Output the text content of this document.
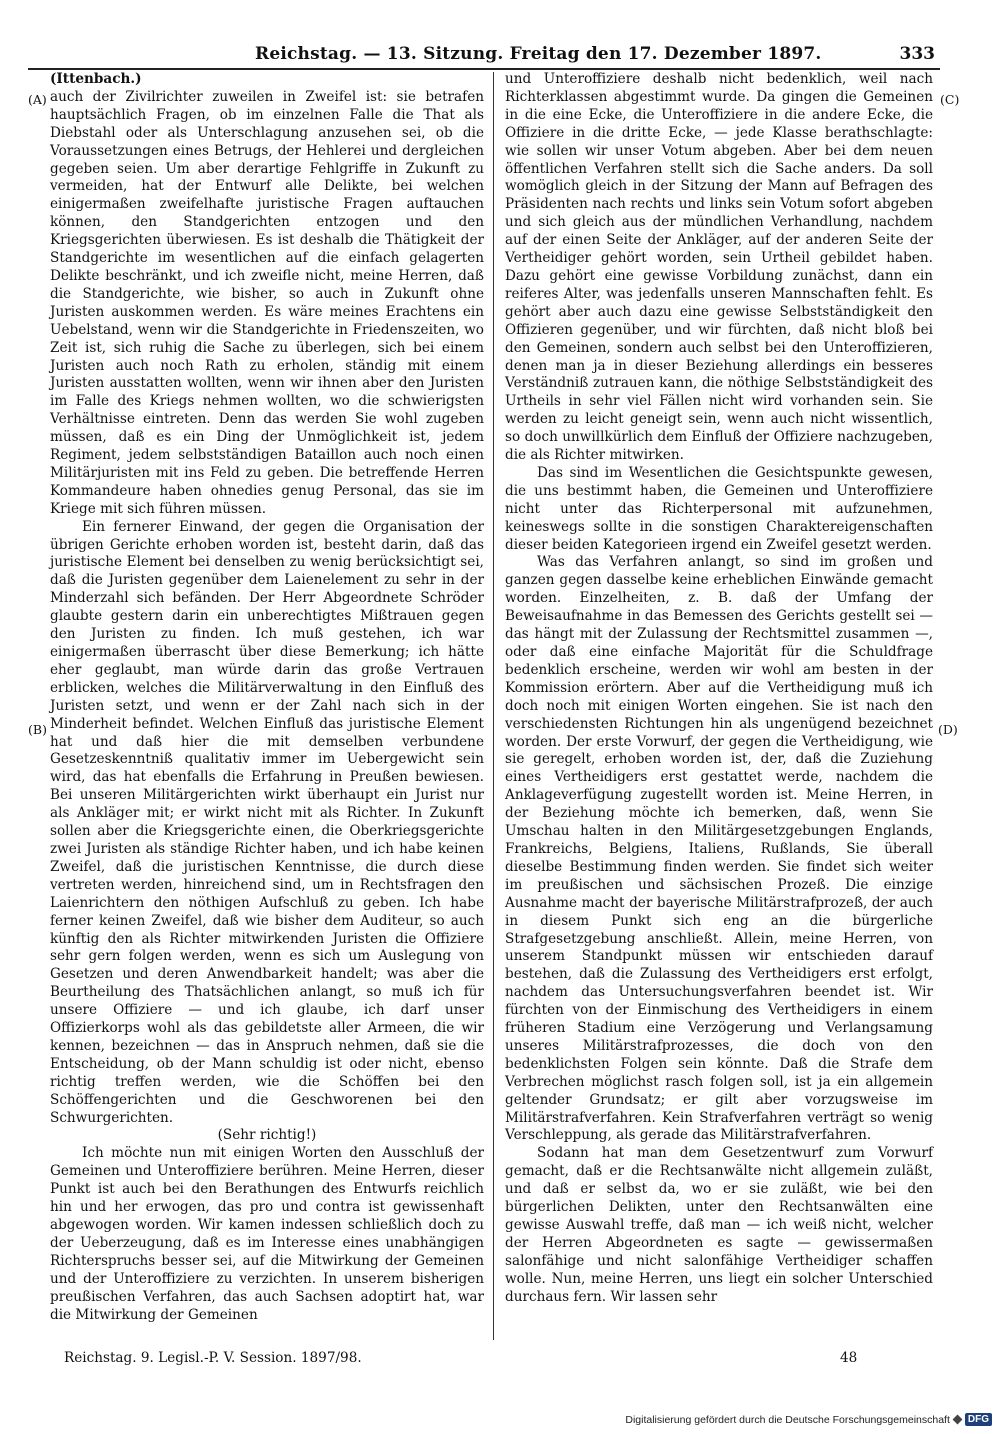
Reichstag. — 13. Sitzung. Freitag den 17. Dezember 1897.	333
(A)
(B)
(C)
(D)

(Ittenbach.)

auch der Zivilrichter zuweilen in Zweifel ist: sie betrafen hauptsächlich Fragen, ob im einzelnen Falle die That als Diebstahl oder als Unterschlagung anzusehen sei, ob die Voraussetzungen eines Betrugs, der Hehlerei und dergleichen gegeben seien. Um aber derartige Fehlgriffe in Zukunft zu vermeiden, hat der Entwurf alle Delikte, bei welchen einigermaßen zweifelhafte juristische Fragen auftauchen können, den Standgerichten entzogen und den Kriegsgerichten überwiesen. Es ist deshalb die Thätigkeit der Standgerichte im wesentlichen auf die einfach gelagerten Delikte beschränkt, und ich zweifle nicht, meine Herren, daß die Standgerichte, wie bisher, so auch in Zukunft ohne Juristen auskommen werden. Es wäre meines Erachtens ein Uebelstand, wenn wir die Standgerichte in Friedenszeiten, wo Zeit ist, sich ruhig die Sache zu überlegen, sich bei einem Juristen auch noch Rath zu erholen, ständig mit einem Juristen ausstatten wollten, wenn wir ihnen aber den Juristen im Falle des Kriegs nehmen wollten, wo die schwierigsten Verhältnisse eintreten. Denn das werden Sie wohl zugeben müssen, daß es ein Ding der Unmöglichkeit ist, jedem Regiment, jedem selbstständigen Bataillon auch noch einen Militärjuristen mit ins Feld zu geben. Die betreffende Herren Kommandeure haben ohnedies genug Personal, das sie im Kriege mit sich führen müssen.

Ein fernerer Einwand, der gegen die Organisation der übrigen Gerichte erhoben worden ist, besteht darin, daß das juristische Element bei denselben zu wenig berücksichtigt sei, daß die Juristen gegenüber dem Laienelement zu sehr in der Minderzahl sich befänden. Der Herr Abgeordnete Schröder glaubte gestern darin ein unberechtigtes Mißtrauen gegen den Juristen zu finden. Ich muß gestehen, ich war einigermaßen überrascht über diese Bemerkung; ich hätte eher geglaubt, man würde darin das große Vertrauen erblicken, welches die Militärverwaltung in den Einfluß des Juristen setzt, und wenn er der Zahl nach sich in der Minderheit befindet. Welchen Einfluß das juristische Element hat und daß hier die mit demselben verbundene Gesetzeskenntniß qualitativ immer im Uebergewicht sein wird, das hat ebenfalls die Erfahrung in Preußen bewiesen. Bei unseren Militärgerichten wirkt überhaupt ein Jurist nur als Ankläger mit; er wirkt nicht mit als Richter. In Zukunft sollen aber die Kriegsgerichte einen, die Oberkriegsgerichte zwei Juristen als ständige Richter haben, und ich habe keinen Zweifel, daß die juristischen Kenntnisse, die durch diese vertreten werden, hinreichend sind, um in Rechtsfragen den Laienrichtern den nöthigen Aufschluß zu geben. Ich habe ferner keinen Zweifel, daß wie bisher dem Auditeur, so auch künftig den als Richter mitwirkenden Juristen die Offiziere sehr gern folgen werden, wenn es sich um Auslegung von Gesetzen und deren Anwendbarkeit handelt; was aber die Beurtheilung des Thatsächlichen anlangt, so muß ich für unsere Offiziere — und ich glaube, ich darf unser Offizierkorps wohl als das gebildetste aller Armeen, die wir kennen, bezeichnen — das in Anspruch nehmen, daß sie die Entscheidung, ob der Mann schuldig ist oder nicht, ebenso richtig treffen werden, wie die Schöffen bei den Schöffengerichten und die Geschworenen bei den Schwurgerichten.

(Sehr richtig!)

Ich möchte nun mit einigen Worten den Ausschluß der Gemeinen und Unteroffiziere berühren. Meine Herren, dieser Punkt ist auch bei den Berathungen des Entwurfs reichlich hin und her erwogen, das pro und contra ist gewissenhaft abgewogen worden. Wir kamen indessen schließlich doch zu der Ueberzeugung, daß es im Interesse eines unabhängigen Richterspruchs besser sei, auf die Mitwirkung der Gemeinen und der Unteroffiziere zu verzichten. In unserem bisherigen preußischen Verfahren, das auch Sachsen adoptirt hat, war die Mitwirkung der Gemeinen

und Unteroffiziere deshalb nicht bedenklich, weil nach Richterklassen abgestimmt wurde. Da gingen die Gemeinen in die eine Ecke, die Unteroffiziere in die andere Ecke, die Offiziere in die dritte Ecke, — jede Klasse berathschlagte: wie sollen wir unser Votum abgeben. Aber bei dem neuen öffentlichen Verfahren stellt sich die Sache anders. Da soll womöglich gleich in der Sitzung der Mann auf Befragen des Präsidenten nach rechts und links sein Votum sofort abgeben und sich gleich aus der mündlichen Verhandlung, nachdem auf der einen Seite der Ankläger, auf der anderen Seite der Vertheidiger gehört worden, sein Urtheil gebildet haben. Dazu gehört eine gewisse Vorbildung zunächst, dann ein reiferes Alter, was jedenfalls unseren Mannschaften fehlt. Es gehört aber auch dazu eine gewisse Selbstständigkeit den Offizieren gegenüber, und wir fürchten, daß nicht bloß bei den Gemeinen, sondern auch selbst bei den Unteroffizieren, denen man ja in dieser Beziehung allerdings ein besseres Verständniß zutrauen kann, die nöthige Selbstständigkeit des Urtheils in sehr viel Fällen nicht wird vorhanden sein. Sie werden zu leicht geneigt sein, wenn auch nicht wissentlich, so doch unwillkürlich dem Einfluß der Offiziere nachzugeben, die als Richter mitwirken.

Das sind im Wesentlichen die Gesichtspunkte gewesen, die uns bestimmt haben, die Gemeinen und Unteroffiziere nicht unter das Richterpersonal mit aufzunehmen, keineswegs sollte in die sonstigen Charaktereigenschaften dieser beiden Kategorieen irgend ein Zweifel gesetzt werden.

Was das Verfahren anlangt, so sind im großen und ganzen gegen dasselbe keine erheblichen Einwände gemacht worden. Einzelheiten, z. B. daß der Umfang der Beweisaufnahme in das Bemessen des Gerichts gestellt sei — das hängt mit der Zulassung der Rechtsmittel zusammen —, oder daß eine einfache Majorität für die Schuldfrage bedenklich erscheine, werden wir wohl am besten in der Kommission erörtern. Aber auf die Vertheidigung muß ich doch noch mit einigen Worten eingehen. Sie ist nach den verschiedensten Richtungen hin als ungenügend bezeichnet worden. Der erste Vorwurf, der gegen die Vertheidigung, wie sie geregelt, erhoben worden ist, der, daß die Zuziehung eines Vertheidigers erst gestattet werde, nachdem die Anklageverfügung zugestellt worden ist. Meine Herren, in der Beziehung möchte ich bemerken, daß, wenn Sie Umschau halten in den Militärgesetzgebungen Englands, Frankreichs, Belgiens, Italiens, Rußlands, Sie überall dieselbe Bestimmung finden werden. Sie findet sich weiter im preußischen und sächsischen Prozeß. Die einzige Ausnahme macht der bayerische Militärstrafprozeß, der auch in diesem Punkt sich eng an die bürgerliche Strafgesetzgebung anschließt. Allein, meine Herren, von unserem Standpunkt müssen wir entschieden darauf bestehen, daß die Zulassung des Vertheidigers erst erfolgt, nachdem das Untersuchungsverfahren beendet ist. Wir fürchten von der Einmischung des Vertheidigers in einem früheren Stadium eine Verzögerung und Verlangsamung unseres Militärstrafprozesses, die doch von den bedenklichsten Folgen sein könnte. Daß die Strafe dem Verbrechen möglichst rasch folgen soll, ist ja ein allgemein geltender Grundsatz; er gilt aber vorzugsweise im Militärstrafverfahren. Kein Strafverfahren verträgt so wenig Verschleppung, als gerade das Militärstrafverfahren.

Sodann hat man dem Gesetzentwurf zum Vorwurf gemacht, daß er die Rechtsanwälte nicht allgemein zuläßt, und daß er selbst da, wo er sie zuläßt, wie bei den bürgerlichen Delikten, unter den Rechtsanwälten eine gewisse Auswahl treffe, daß man — ich weiß nicht, welcher der Herren Abgeordneten es sagte — gewissermaßen salonfähige und nicht salonfähige Vertheidiger schaffen wolle. Nun, meine Herren, uns liegt ein solcher Unterschied durchaus fern. Wir lassen sehr

Reichstag. 9. Legisl.-P. V. Session. 1897/98.	48
Digitalisierung gefördert durch die Deutsche Forschungsgemeinschaft	DFG
